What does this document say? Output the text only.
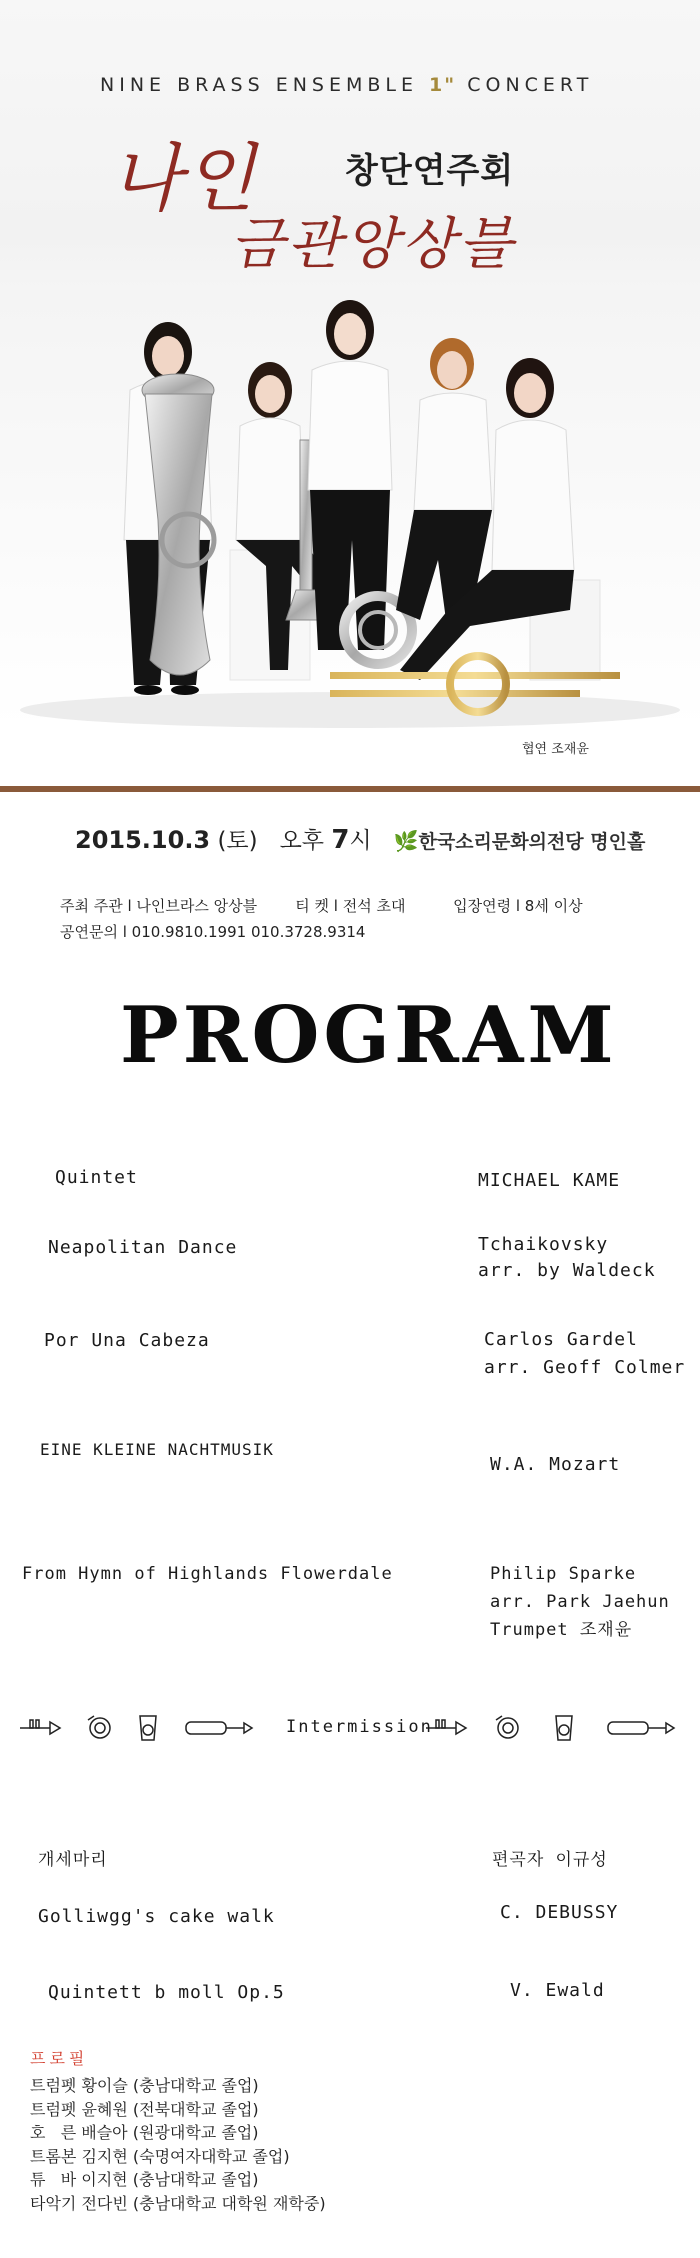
NINE BRASS ENSEMBLE 1" CONCERT
나인	창단연주회
금관앙상블
협연 조재윤
2015.10.3 (토) 오후 7시 🌿한국소리문화의전당 명인홀
주최 주관 l 나인브라스 앙상블        티 켓 l 전석 초대          입장연령 l 8세 이상
공연문의 l 010.9810.1991 010.3728.9314
PROGRAM
Quintet	MICHAEL KAME
Neapolitan Dance	Tchaikovsky
arr. by Waldeck
Por Una Cabeza	Carlos Gardel
arr. Geoff Colmer
EINE KLEINE NACHTMUSIK
W.A. Mozart
From Hymn of Highlands Flowerdale	Philip Sparke
arr. Park Jaehun
Trumpet 조재윤
Intermission
개세마리	편곡자 이규성
Golliwgg's cake walk	C. DEBUSSY
Quintett b moll Op.5	V. Ewald
프로필
트럼펫 황이슬 (충남대학교 졸업)
트럼펫 윤혜원 (전북대학교 졸업)
호   른 배슬아 (원광대학교 졸업)
트롬본 김지현 (숙명여자대학교 졸업)
튜   바 이지현 (충남대학교 졸업)
타악기 전다빈 (충남대학교 대학원 재학중)
